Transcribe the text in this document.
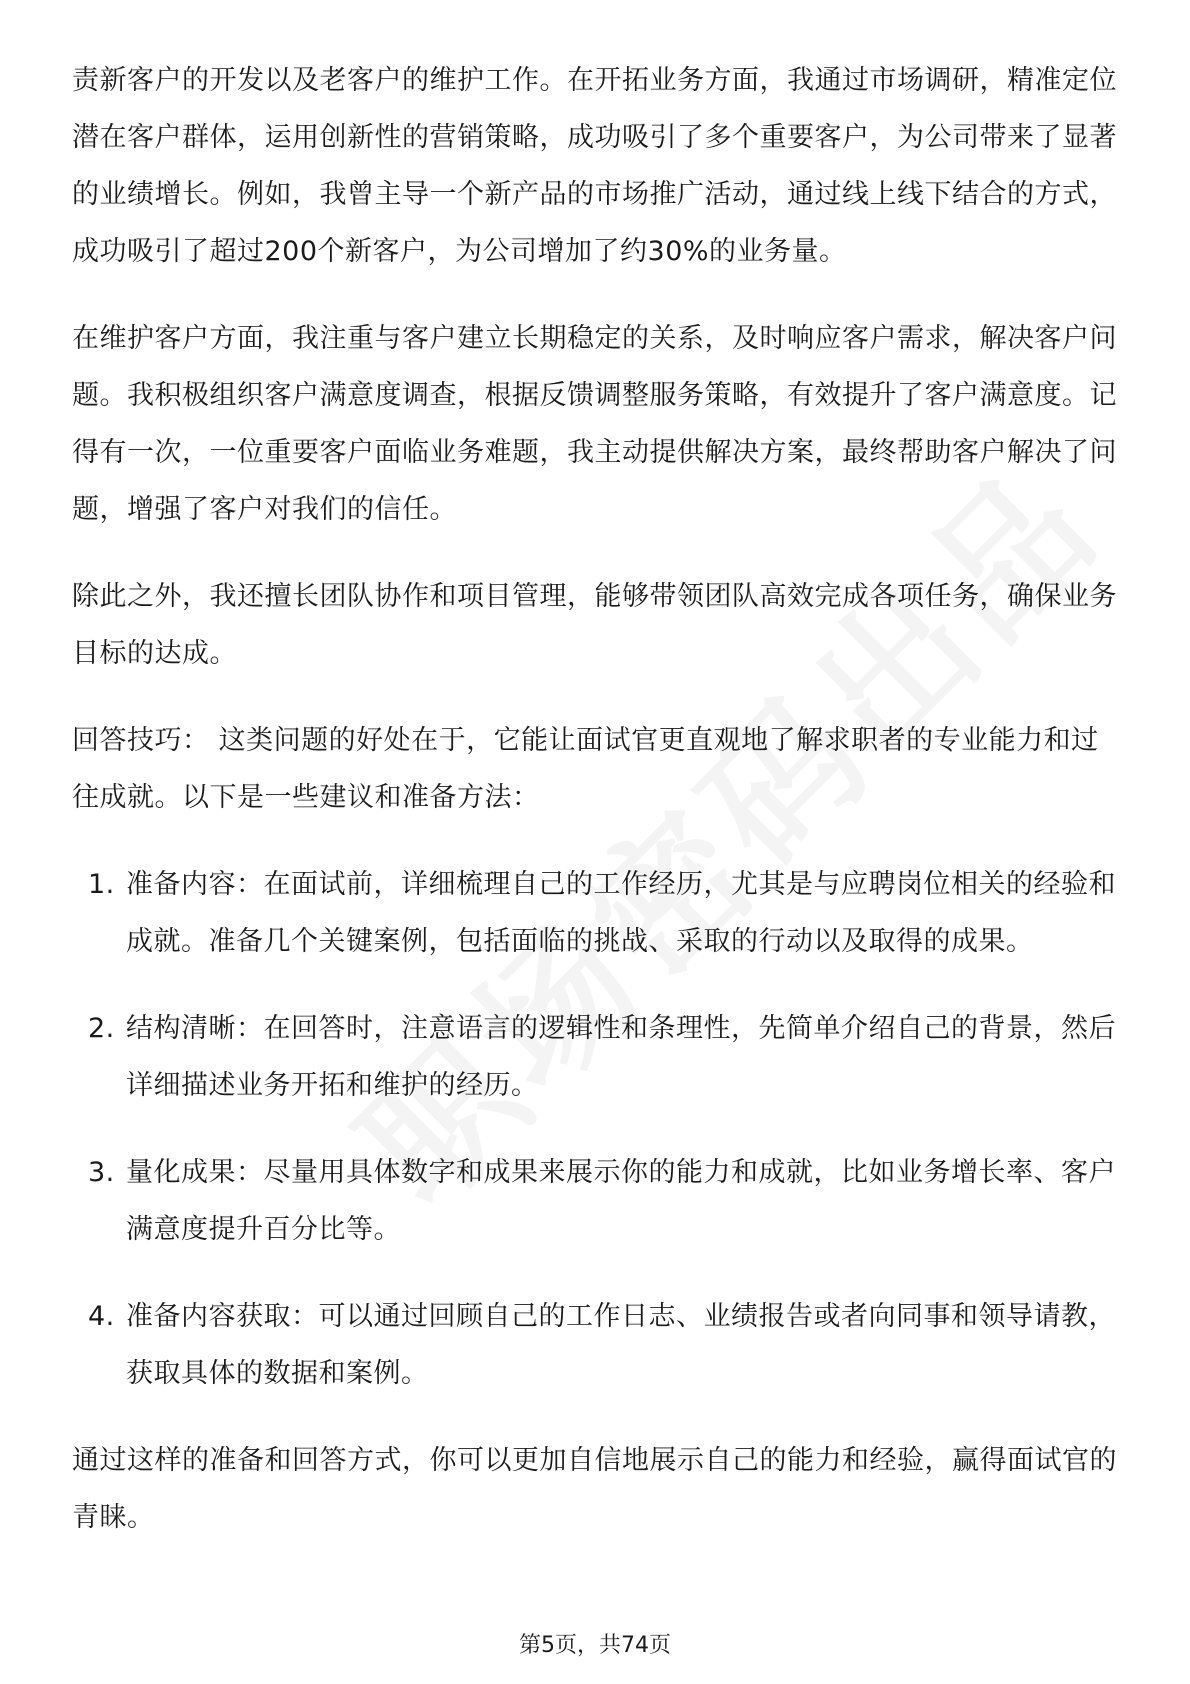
责新客户的开发以及老客户的维护工作。在开拓业务方面，我通过市场调研，精准定位潜在客户群体，运用创新性的营销策略，成功吸引了多个重要客户，为公司带来了显著的业绩增长。例如，我曾主导一个新产品的市场推广活动，通过线上线下结合的方式，成功吸引了超过200个新客户，为公司增加了约30%的业务量。

在维护客户方面，我注重与客户建立长期稳定的关系，及时响应客户需求，解决客户问题。我积极组织客户满意度调查，根据反馈调整服务策略，有效提升了客户满意度。记得有一次，一位重要客户面临业务难题，我主动提供解决方案，最终帮助客户解决了问题，增强了客户对我们的信任。

除此之外，我还擅长团队协作和项目管理，能够带领团队高效完成各项任务，确保业务目标的达成。

回答技巧： 这类问题的好处在于，它能让面试官更直观地了解求职者的专业能力和过往成就。以下是一些建议和准备方法：

1. 准备内容：在面试前，详细梳理自己的工作经历，尤其是与应聘岗位相关的经验和成就。准备几个关键案例，包括面临的挑战、采取的行动以及取得的成果。
2. 结构清晰：在回答时，注意语言的逻辑性和条理性，先简单介绍自己的背景，然后详细描述业务开拓和维护的经历。
3. 量化成果：尽量用具体数字和成果来展示你的能力和成就，比如业务增长率、客户满意度提升百分比等。
4. 准备内容获取：可以通过回顾自己的工作日志、业绩报告或者向同事和领导请教，获取具体的数据和案例。

通过这样的准备和回答方式，你可以更加自信地展示自己的能力和经验，赢得面试官的青睐。

第5页，共74页
